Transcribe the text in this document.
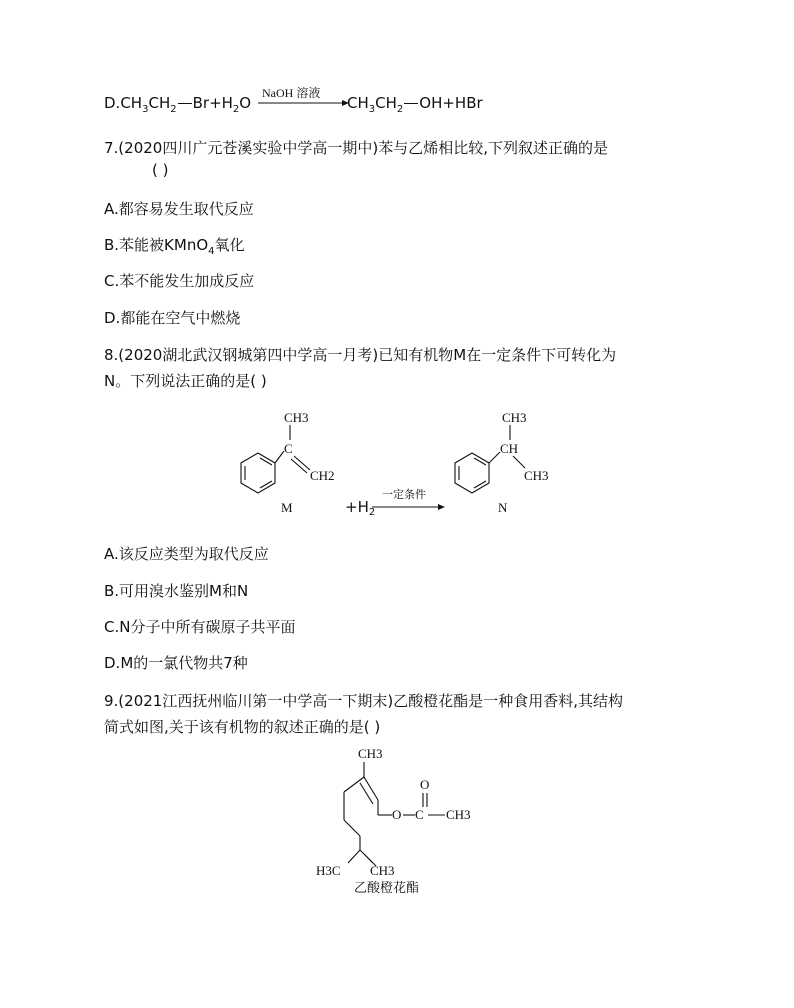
$D.CH_3CH_2$ $Br+H_2O$
NaOH 溶液
$CH_3CH_2$ OH+HBr
7.(2020四川广元苍溪实验中学高一期中)苯与乙烯相比较,下列叙述正确的是
( )
A.都容易发生取代反应
B.苯能被KMnO$_4$氧化
C.苯不能发生加成反应
D.都能在空气中燃烧
8.(2020湖北武汉钢城第四中学高一月考)已知有机物M在一定条件下可转化为
N。下列说法正确的是( )
C
CH3
CH2
M	$+H_2$
一定条件
CH
CH3
CH3
N
A.该反应类型为取代反应
B.可用溴水鉴别M和N
C.N分子中所有碳原子共平面
D.M的一氯代物共7种
9.(2021江西抚州临川第一中学高一下期末)乙酸橙花酯是一种食用香料,其结构
简式如图,关于该有机物的叙述正确的是( )
CH3
O C
O
CH3
H3C CH3
乙酸橙花酯
